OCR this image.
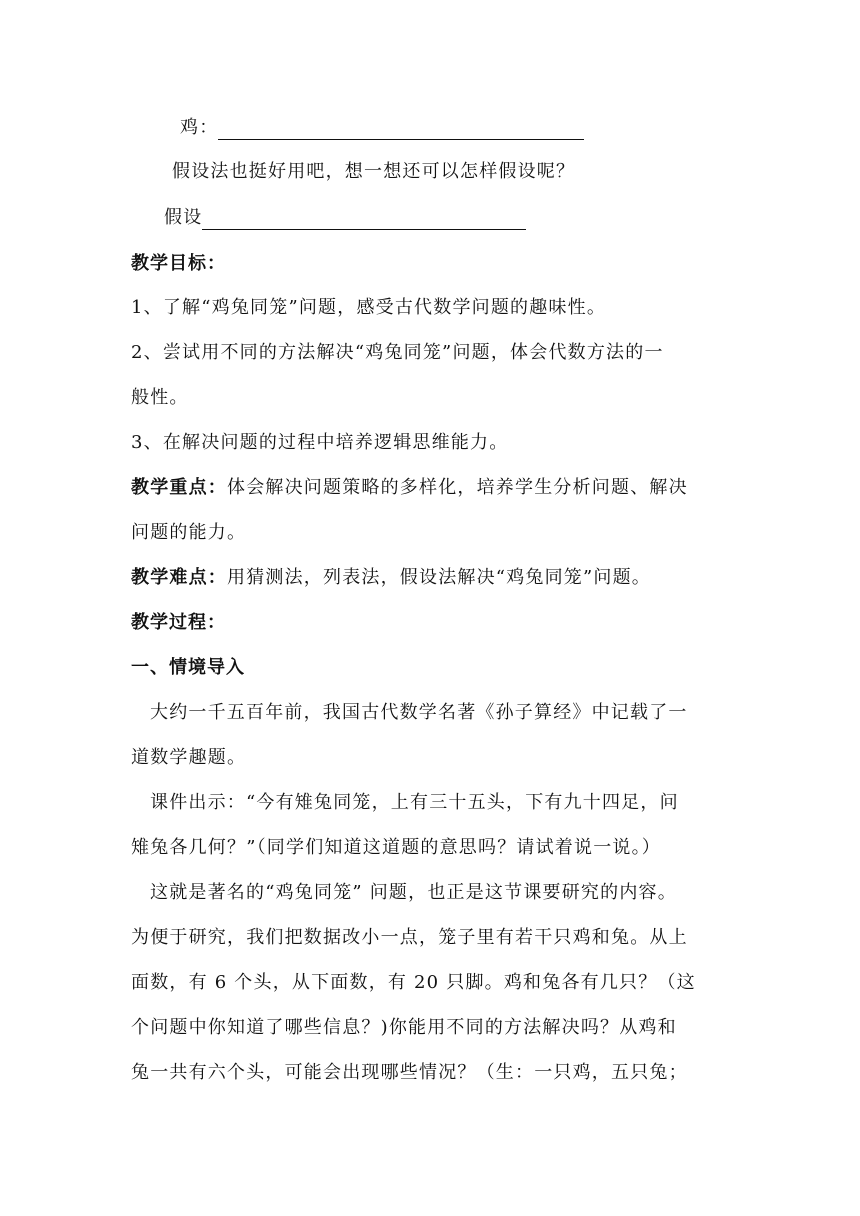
鸡：
假设法也挺好用吧，想一想还可以怎样假设呢？
假设
教学目标：
1、了解“鸡兔同笼”问题，感受古代数学问题的趣味性。
2、尝试用不同的方法解决“鸡兔同笼”问题，体会代数方法的一
般性。
3、在解决问题的过程中培养逻辑思维能力。
教学重点：体会解决问题策略的多样化，培养学生分析问题、解决
问题的能力。
教学难点：用猜测法，列表法，假设法解决“鸡兔同笼”问题。
教学过程：
一、情境导入
大约一千五百年前，我国古代数学名著《孙子算经》中记载了一
道数学趣题。
课件出示：“今有雉兔同笼，上有三十五头，下有九十四足，问
雉兔各几何？”（同学们知道这道题的意思吗？请试着说一说。）
这就是著名的“鸡兔同笼” 问题，也正是这节课要研究的内容。
为便于研究，我们把数据改小一点，笼子里有若干只鸡和兔。从上
面数，有 6 个头，从下面数，有 20 只脚。鸡和兔各有几只？（这
个问题中你知道了哪些信息？)你能用不同的方法解决吗？从鸡和
兔一共有六个头，可能会出现哪些情况？（生：一只鸡，五只兔；
